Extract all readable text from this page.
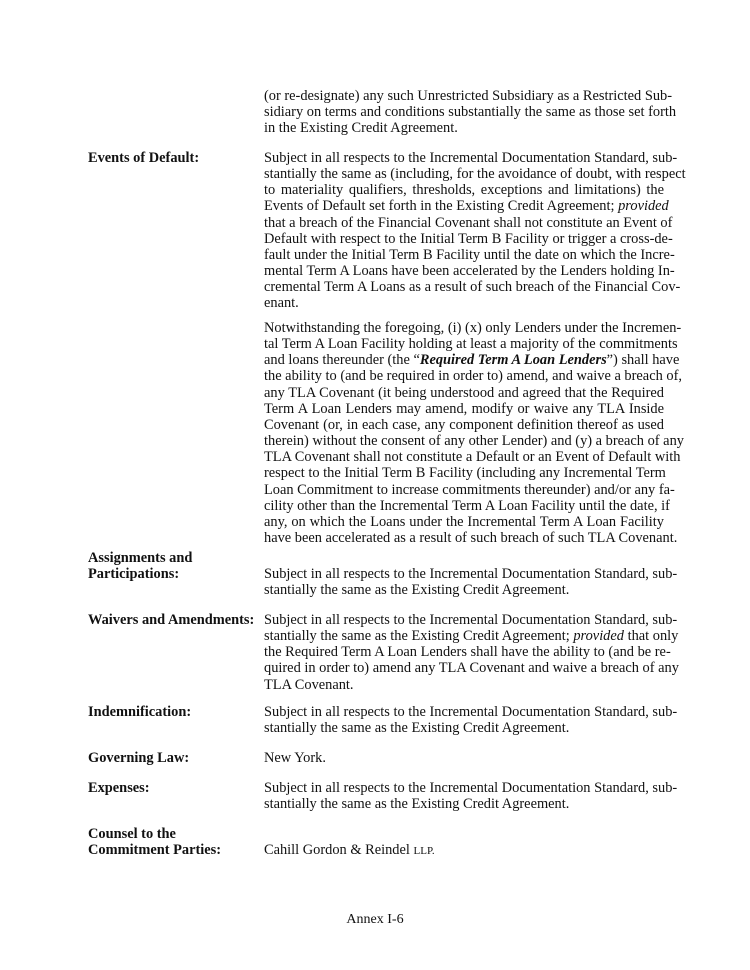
(or re-designate) any such Unrestricted Subsidiary as a Restricted Sub-
sidiary on terms and conditions substantially the same as those set forth
in the Existing Credit Agreement.
Events of Default:	Subject in all respects to the Incremental Documentation Standard, sub-
stantially the same as (including, for the avoidance of doubt, with respect
to materiality qualifiers, thresholds, exceptions and limitations) the
Events of Default set forth in the Existing Credit Agreement; provided
that a breach of the Financial Covenant shall not constitute an Event of
Default with respect to the Initial Term B Facility or trigger a cross-de-
fault under the Initial Term B Facility until the date on which the Incre-
mental Term A Loans have been accelerated by the Lenders holding In-
cremental Term A Loans as a result of such breach of the Financial Cov-
enant.
Notwithstanding the foregoing, (i) (x) only Lenders under the Incremen-
tal Term A Loan Facility holding at least a majority of the commitments
and loans thereunder (the “Required Term A Loan Lenders”) shall have
the ability to (and be required in order to) amend, and waive a breach of,
any TLA Covenant (it being understood and agreed that the Required
Term A Loan Lenders may amend, modify or waive any TLA Inside
Covenant (or, in each case, any component definition thereof as used
therein) without the consent of any other Lender) and (y) a breach of any
TLA Covenant shall not constitute a Default or an Event of Default with
respect to the Initial Term B Facility (including any Incremental Term
Loan Commitment to increase commitments thereunder) and/or any fa-
cility other than the Incremental Term A Loan Facility until the date, if
any, on which the Loans under the Incremental Term A Loan Facility
have been accelerated as a result of such breach of such TLA Covenant.
Assignments and
Participations:	Subject in all respects to the Incremental Documentation Standard, sub-
stantially the same as the Existing Credit Agreement.
Waivers and Amendments: Subject in all respects to the Incremental Documentation Standard, sub-
stantially the same as the Existing Credit Agreement; provided that only
the Required Term A Loan Lenders shall have the ability to (and be re-
quired in order to) amend any TLA Covenant and waive a breach of any
TLA Covenant.
Indemnification:	Subject in all respects to the Incremental Documentation Standard, sub-
stantially the same as the Existing Credit Agreement.
Governing Law:	New York.
Expenses:	Subject in all respects to the Incremental Documentation Standard, sub-
stantially the same as the Existing Credit Agreement.
Counsel to the
Commitment Parties:	Cahill Gordon & Reindel LLP.
Annex I-6
